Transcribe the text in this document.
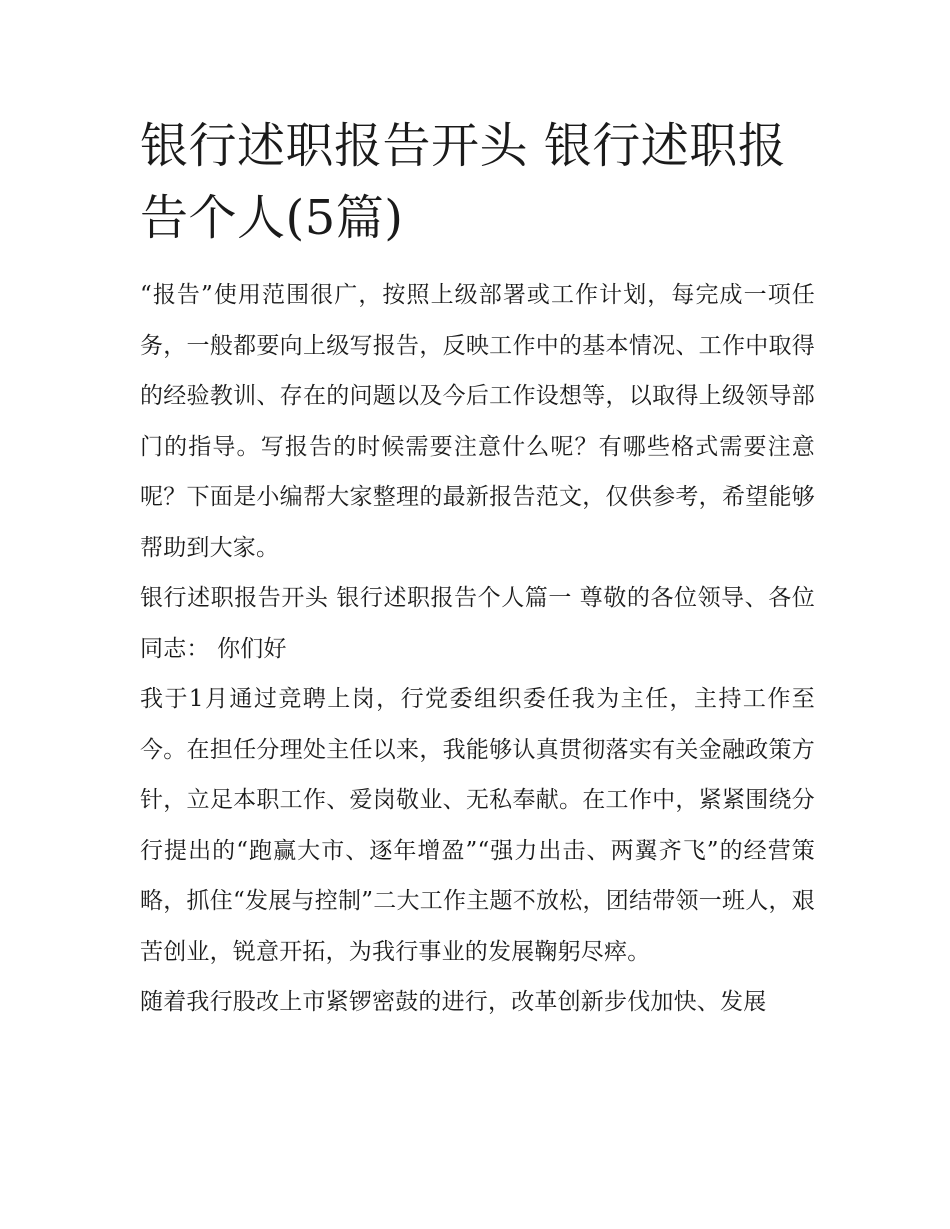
银行述职报告开头 银行述职报告个人(5篇)

“报告”使用范围很广，按照上级部署或工作计划，每完成一项任务，一般都要向上级写报告，反映工作中的基本情况、工作中取得的经验教训、存在的问题以及今后工作设想等，以取得上级领导部门的指导。写报告的时候需要注意什么呢？有哪些格式需要注意呢？下面是小编帮大家整理的最新报告范文，仅供参考，希望能够帮助到大家。

银行述职报告开头 银行述职报告个人篇一 尊敬的各位领导、各位同志： 你们好

我于1月通过竞聘上岗，行党委组织委任我为主任，主持工作至今。在担任分理处主任以来，我能够认真贯彻落实有关金融政策方针，立足本职工作、爱岗敬业、无私奉献。在工作中，紧紧围绕分行提出的“跑赢大市、逐年增盈”“强力出击、两翼齐飞”的经营策略，抓住“发展与控制”二大工作主题不放松，团结带领一班人，艰苦创业，锐意开拓，为我行事业的发展鞠躬尽瘁。

随着我行股改上市紧锣密鼓的进行，改革创新步伐加快、发展
